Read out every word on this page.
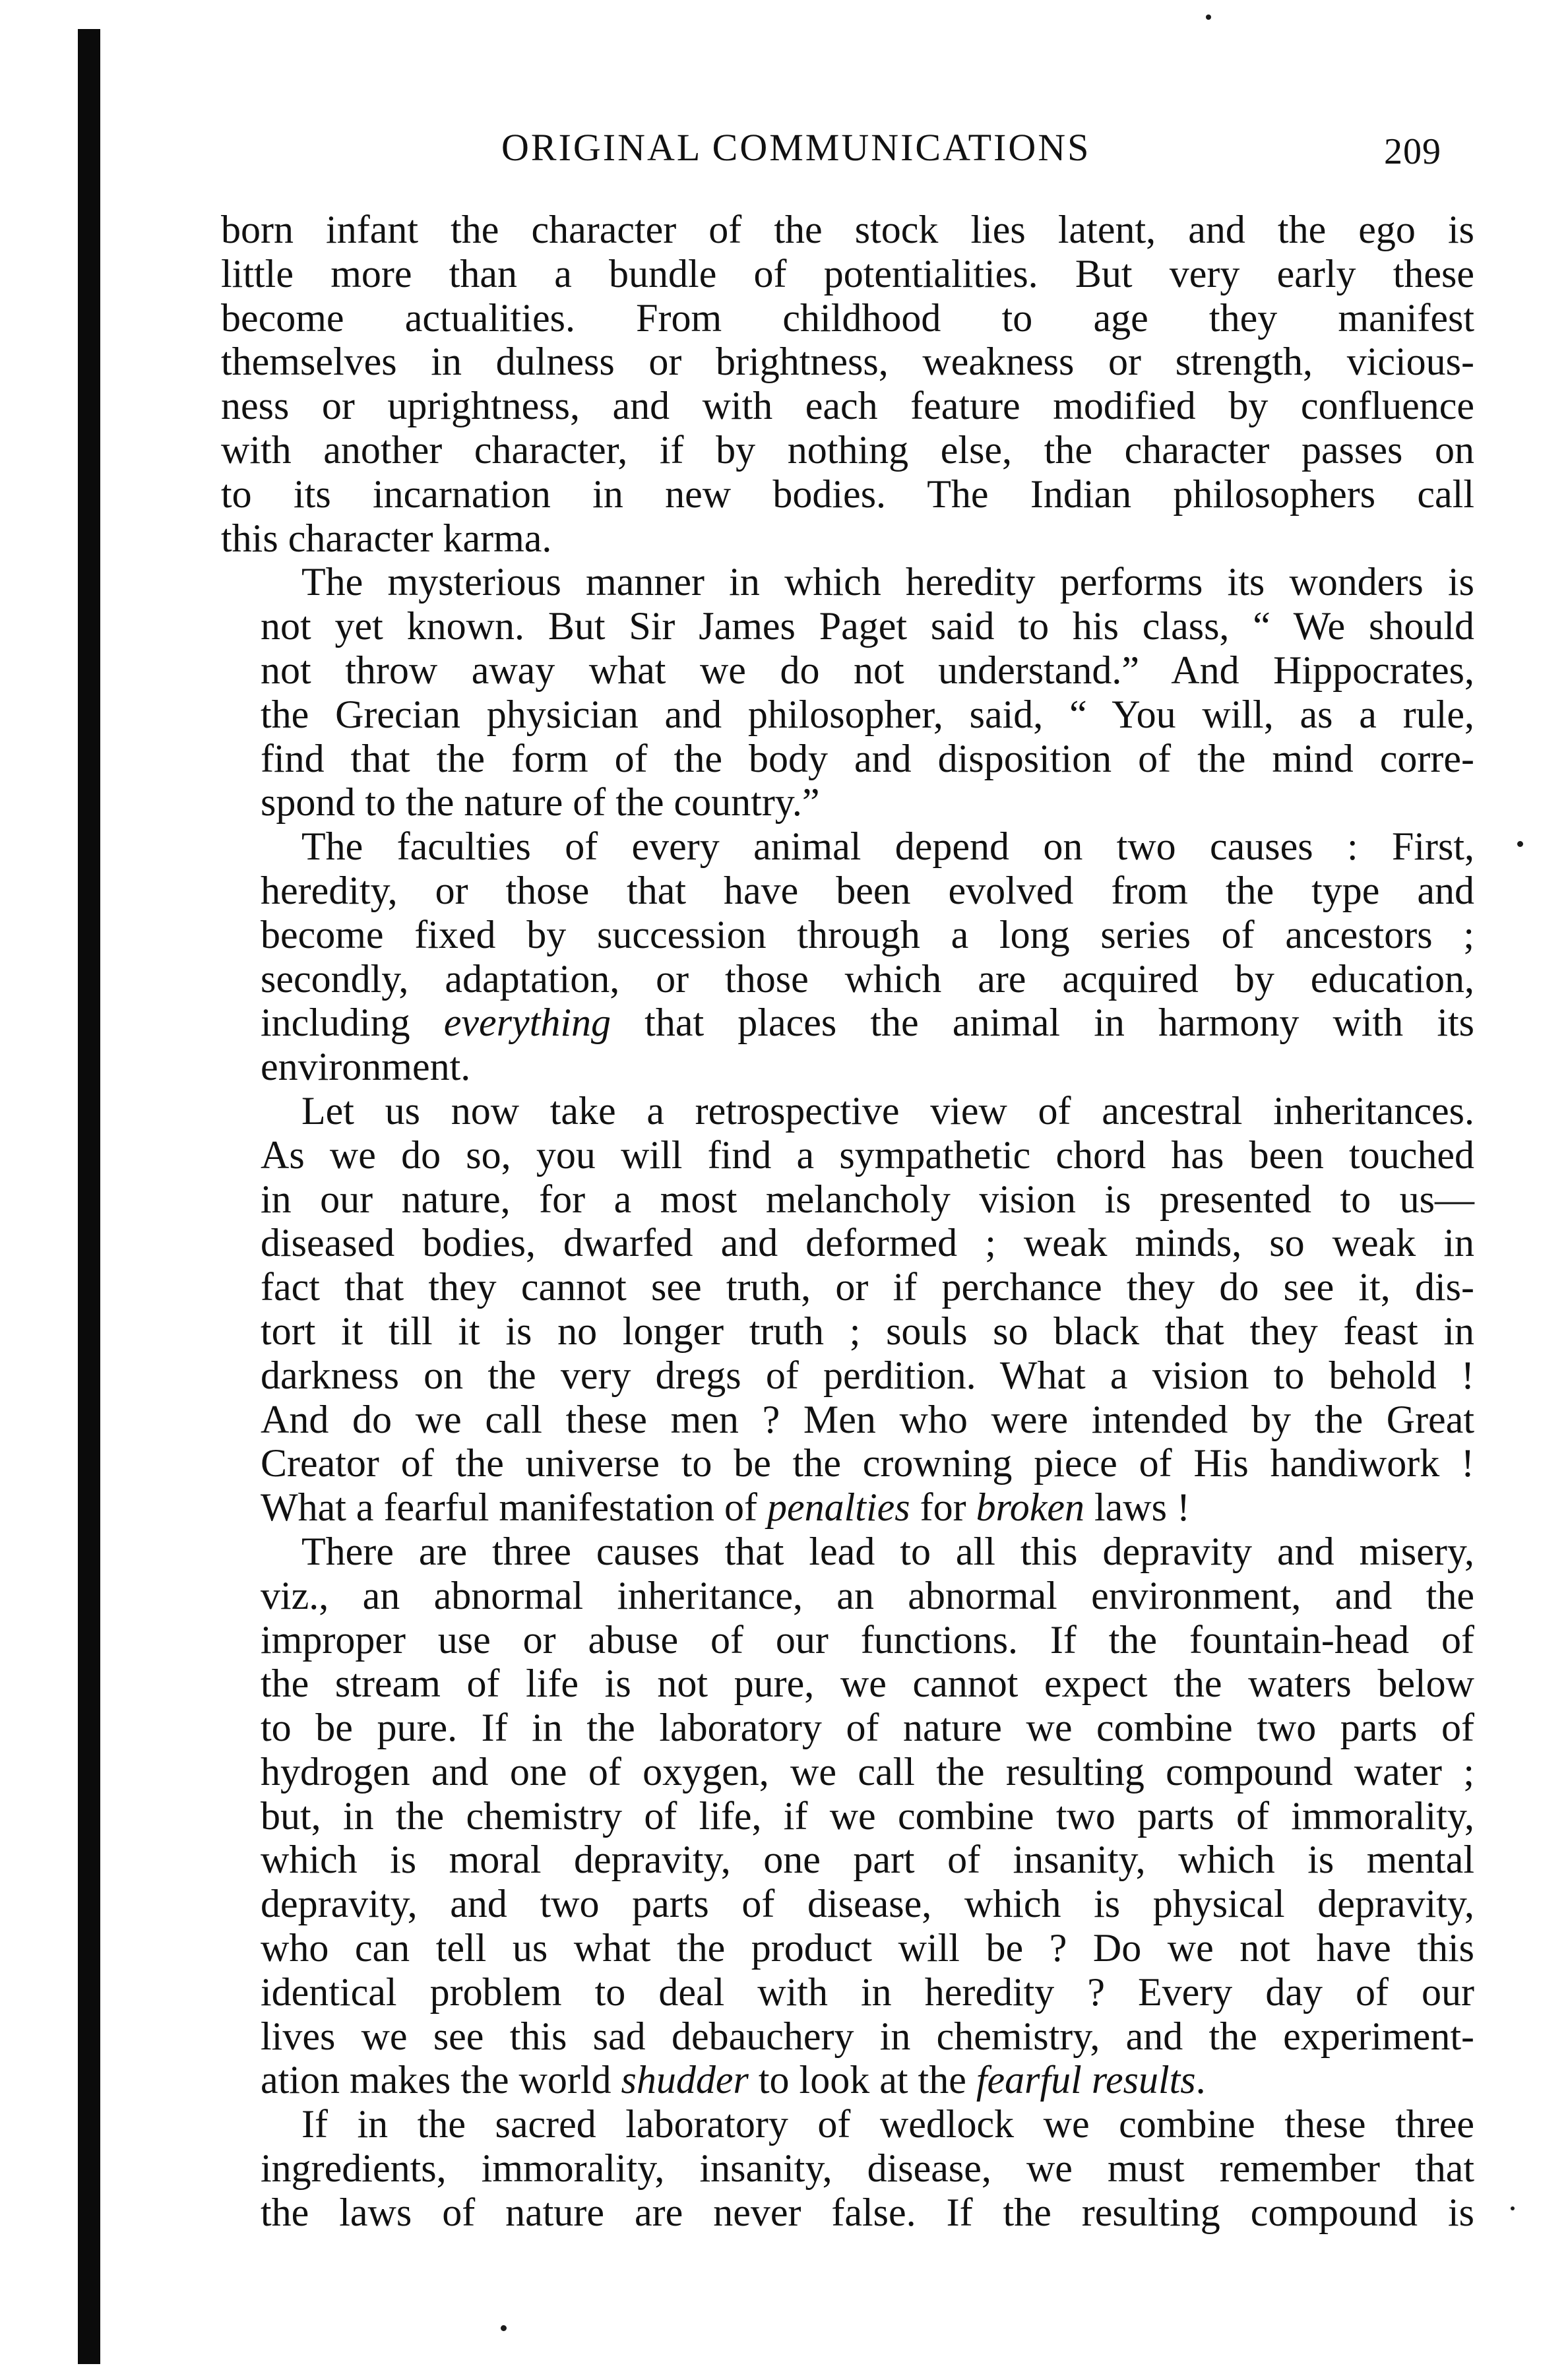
ORIGINAL COMMUNICATIONS	209

born infant the character of the stock lies latent, and the ego is
little more than a bundle of potentialities. But very early these
become actualities. From childhood to age they manifest
themselves in dulness or brightness, weakness or strength, vicious-
ness or uprightness, and with each feature modified by confluence
with another character, if by nothing else, the character passes on
to its incarnation in new bodies. The Indian philosophers call
this character karma.

The mysterious manner in which heredity performs its wonders is
not yet known. But Sir James Paget said to his class, “ We should
not throw away what we do not understand.” And Hippocrates,
the Grecian physician and philosopher, said, “ You will, as a rule,
find that the form of the body and disposition of the mind corre-
spond to the nature of the country.”

The faculties of every animal depend on two causes : First,
heredity, or those that have been evolved from the type and
become fixed by succession through a long series of ancestors ;
secondly, adaptation, or those which are acquired by education,
including everything that places the animal in harmony with its
environment.

Let us now take a retrospective view of ancestral inheritances.
As we do so, you will find a sympathetic chord has been touched
in our nature, for a most melancholy vision is presented to us—
diseased bodies, dwarfed and deformed ; weak minds, so weak in
fact that they cannot see truth, or if perchance they do see it, dis-
tort it till it is no longer truth ; souls so black that they feast in
darkness on the very dregs of perdition. What a vision to behold !
And do we call these men ? Men who were intended by the Great
Creator of the universe to be the crowning piece of His handiwork !
What a fearful manifestation of penalties for broken laws !

There are three causes that lead to all this depravity and misery,
viz., an abnormal inheritance, an abnormal environment, and the
improper use or abuse of our functions. If the fountain-head of
the stream of life is not pure, we cannot expect the waters below
to be pure. If in the laboratory of nature we combine two parts of
hydrogen and one of oxygen, we call the resulting compound water ;
but, in the chemistry of life, if we combine two parts of immorality,
which is moral depravity, one part of insanity, which is mental
depravity, and two parts of disease, which is physical depravity,
who can tell us what the product will be ? Do we not have this
identical problem to deal with in heredity ? Every day of our
lives we see this sad debauchery in chemistry, and the experiment-
ation makes the world shudder to look at the fearful results.

If in the sacred laboratory of wedlock we combine these three
ingredients, immorality, insanity, disease, we must remember that
the laws of nature are never false. If the resulting compound is
